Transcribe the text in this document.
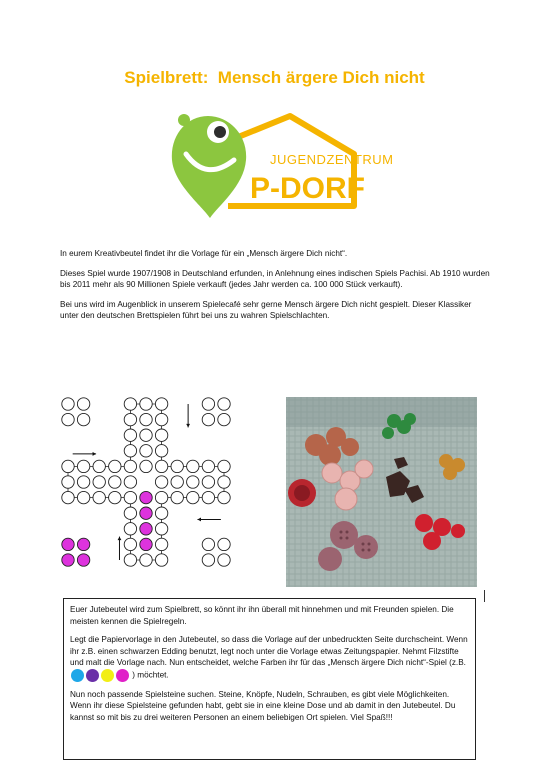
Spielbrett:  Mensch ärgere Dich nicht
JUGENDZENTRUM
P-DORF

In eurem Kreativbeutel findet ihr die Vorlage für ein „Mensch ärgere Dich nicht“.

Dieses Spiel wurde 1907/1908 in Deutschland erfunden, in Anlehnung eines indischen Spiels Pachisi. Ab 1910 wurden bis 2011 mehr als 90 Millionen Spiele verkauft (jedes Jahr werden ca. 100 000 Stück verkauft).

Bei uns wird im Augenblick in unserem Spielecafé sehr gerne Mensch ärgere Dich nicht gespielt. Dieser Klassiker unter den deutschen Brettspielen führt bei uns zu wahren Spielschlachten.

Euer Jutebeutel wird zum Spielbrett, so könnt ihr ihn überall mit hinnehmen und mit Freunden spielen. Die meisten kennen die Spielregeln.

Legt die Papiervorlage in den Jutebeutel, so dass die Vorlage auf der unbedruckten Seite durchscheint. Wenn ihr z.B. einen schwarzen Edding benutzt, legt noch unter die Vorlage etwas Zeitungspapier. Nehmt Filzstifte und malt die Vorlage nach. Nun entscheidet, welche Farben ihr für das „Mensch ärgere Dich nicht“-Spiel (z.B. ) möchtet.

Nun noch passende Spielsteine suchen. Steine, Knöpfe, Nudeln, Schrauben, es gibt viele Möglichkeiten. Wenn ihr diese Spielsteine gefunden habt, gebt sie in eine kleine Dose und ab damit in den Jutebeutel. Du kannst so mit bis zu drei weiteren Personen an einem beliebigen Ort spielen. Viel Spaß!!!
